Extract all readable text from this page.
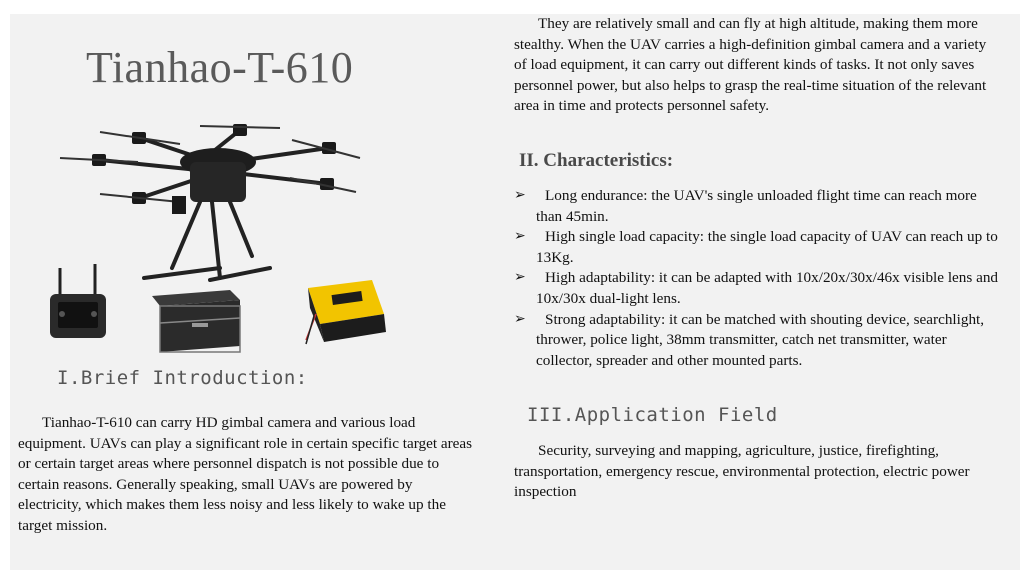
Tianhao-T-610
I.Brief Introduction:

Tianhao-T-610 can carry HD gimbal camera and various load equipment. UAVs can play a significant role in certain specific target areas or certain target areas where personnel dispatch is not possible due to certain reasons. Generally speaking, small UAVs are powered by electricity, which makes them less noisy and less likely to wake up the target mission.

They are relatively small and can fly at high altitude, making them more stealthy. When the UAV carries a high-definition gimbal camera and a variety of load equipment, it can carry out different kinds of tasks. It not only saves personnel power, but also helps to grasp the real-time situation of the relevant area in time and protects personnel safety.

II. Characteristics:
➢ Long endurance: the UAV's single unloaded flight time can reach more than 45min.
➢ High single load capacity: the single load capacity of UAV can reach up to 13Kg.
➢ High adaptability: it can be adapted with 10x/20x/30x/46x visible lens and 10x/30x dual-light lens.
➢ Strong adaptability: it can be matched with shouting device, searchlight, thrower, police light, 38mm transmitter, catch net transmitter, water collector, spreader and other mounted parts.
III.Application Field

Security, surveying and mapping, agriculture, justice, firefighting, transportation, emergency rescue, environmental protection, electric power inspection
